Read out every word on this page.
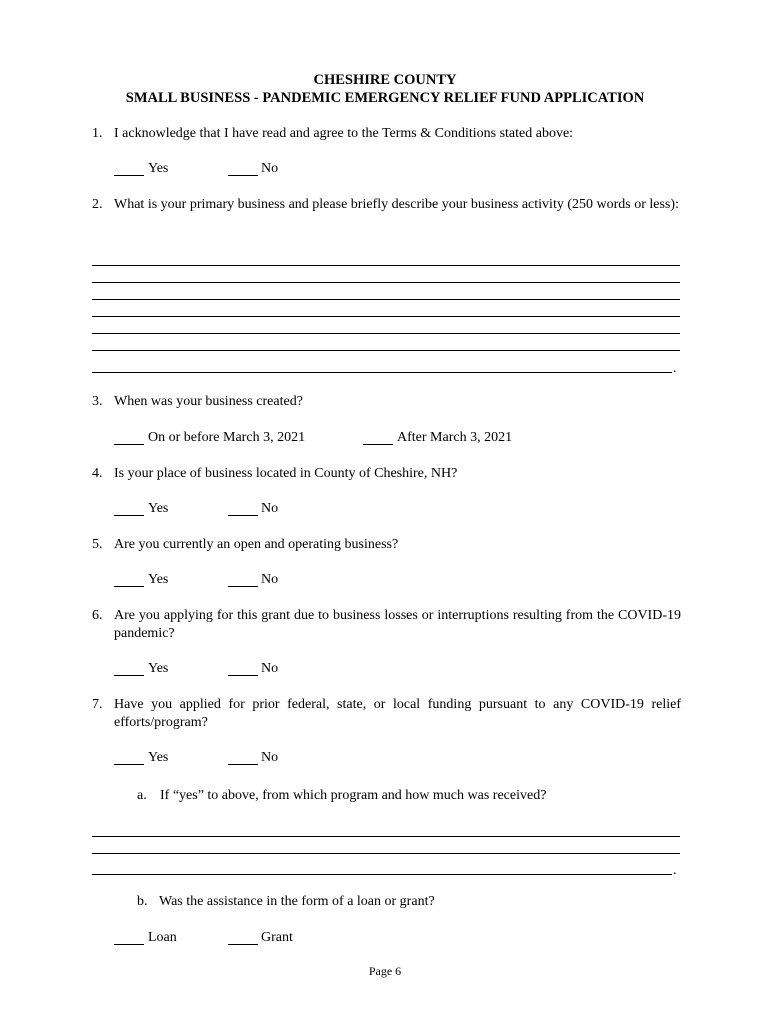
CHESHIRE COUNTY
SMALL BUSINESS - PANDEMIC EMERGENCY RELIEF FUND APPLICATION
1. I acknowledge that I have read and agree to the Terms & Conditions stated above:
Yes	No
2. What is your primary business and please briefly describe your business activity (250 words or less):
.
3. When was your business created?
On or before March 3, 2021	After March 3, 2021
4. Is your place of business located in County of Cheshire, NH?
Yes	No
5. Are you currently an open and operating business?
Yes	No
6. Are you applying for this grant due to business losses or interruptions resulting from the COVID-19 pandemic?
Yes	No
7. Have you applied for prior federal, state, or local funding pursuant to any COVID-19 relief efforts/program?
Yes	No
a. If “yes” to above, from which program and how much was received?
.
b. Was the assistance in the form of a loan or grant?
Loan	Grant
Page 6
